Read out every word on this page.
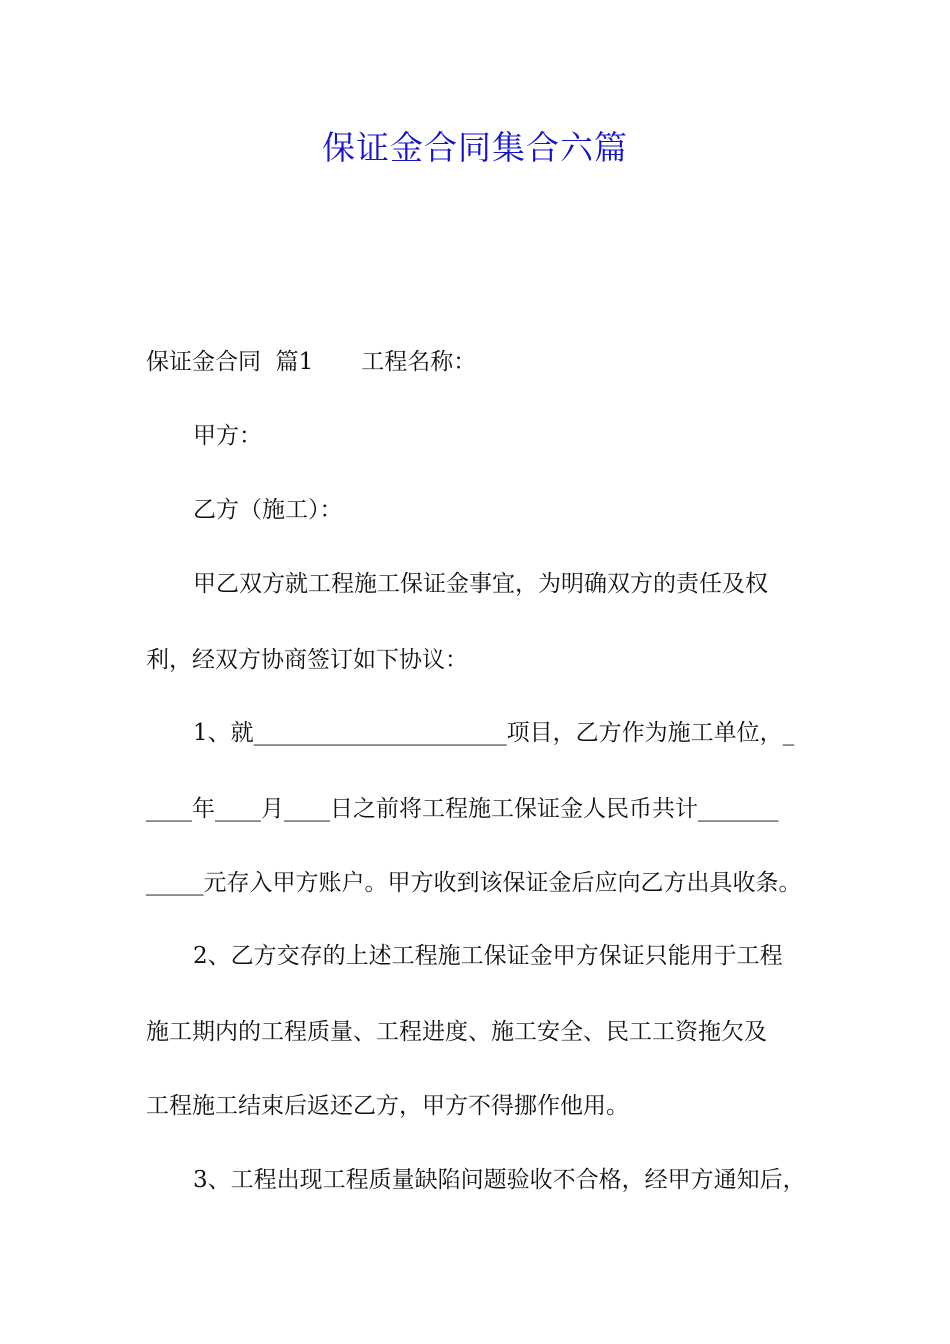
保证金合同集合六篇
保证金合同  篇1 工程名称：
甲方：
乙方（施工）：
甲乙双方就工程施工保证金事宜，为明确双方的责任及权
利，经双方协商签订如下协议：
1、就______________________项目，乙方作为施工单位，_
____年____月____日之前将工程施工保证金人民币共计_______
_____元存入甲方账户。甲方收到该保证金后应向乙方出具收条。
2、乙方交存的上述工程施工保证金甲方保证只能用于工程
施工期内的工程质量、工程进度、施工安全、民工工资拖欠及
工程施工结束后返还乙方，甲方不得挪作他用。
3、工程出现工程质量缺陷问题验收不合格，经甲方通知后，
